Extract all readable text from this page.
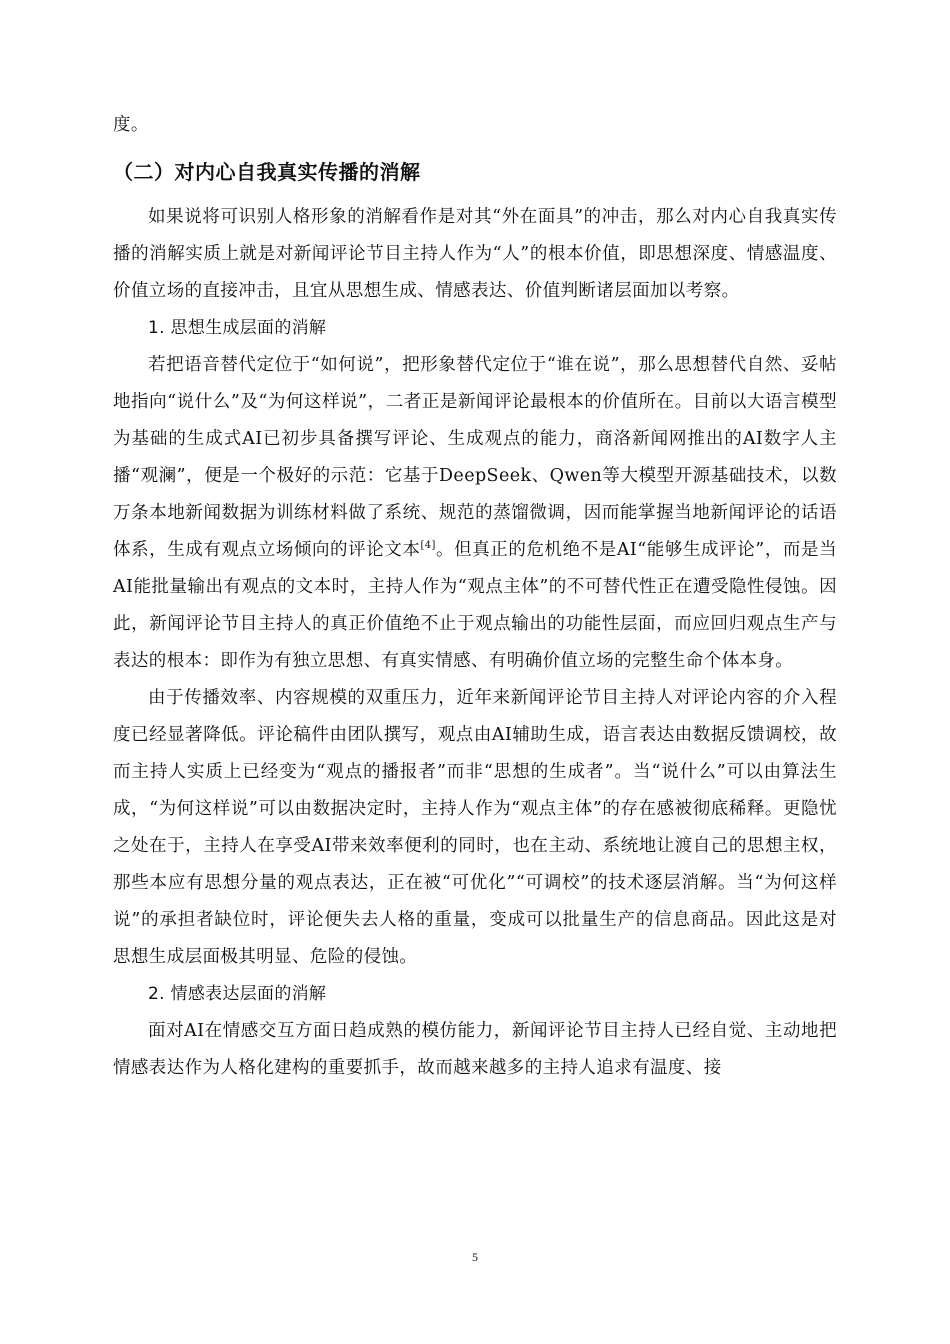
度。

（二）对内心自我真实传播的消解

如果说将可识别人格形象的消解看作是对其“外在面具”的冲击，那么对内心自我真实传播的消解实质上就是对新闻评论节目主持人作为“人”的根本价值，即思想深度、情感温度、价值立场的直接冲击，且宜从思想生成、情感表达、价值判断诸层面加以考察。

1. 思想生成层面的消解

若把语音替代定位于“如何说”，把形象替代定位于“谁在说”，那么思想替代自然、妥帖地指向“说什么”及“为何这样说”，二者正是新闻评论最根本的价值所在。目前以大语言模型为基础的生成式AI已初步具备撰写评论、生成观点的能力，商洛新闻网推出的AI数字人主播“观澜”，便是一个极好的示范：它基于DeepSeek、Qwen等大模型开源基础技术，以数万条本地新闻数据为训练材料做了系统、规范的蒸馏微调，因而能掌握当地新闻评论的话语体系，生成有观点立场倾向的评论文本[4]。但真正的危机绝不是AI“能够生成评论”，而是当AI能批量输出有观点的文本时，主持人作为“观点主体”的不可替代性正在遭受隐性侵蚀。因此，新闻评论节目主持人的真正价值绝不止于观点输出的功能性层面，而应回归观点生产与表达的根本：即作为有独立思想、有真实情感、有明确价值立场的完整生命个体本身。

由于传播效率、内容规模的双重压力，近年来新闻评论节目主持人对评论内容的介入程度已经显著降低。评论稿件由团队撰写，观点由AI辅助生成，语言表达由数据反馈调校，故而主持人实质上已经变为“观点的播报者”而非“思想的生成者”。当“说什么”可以由算法生成，“为何这样说”可以由数据决定时，主持人作为“观点主体”的存在感被彻底稀释。更隐忧之处在于，主持人在享受AI带来效率便利的同时，也在主动、系统地让渡自己的思想主权，那些本应有思想分量的观点表达，正在被“可优化”“可调校”的技术逐层消解。当“为何这样说”的承担者缺位时，评论便失去人格的重量，变成可以批量生产的信息商品。因此这是对思想生成层面极其明显、危险的侵蚀。

2. 情感表达层面的消解

面对AI在情感交互方面日趋成熟的模仿能力，新闻评论节目主持人已经自觉、主动地把情感表达作为人格化建构的重要抓手，故而越来越多的主持人追求有温度、接

5
